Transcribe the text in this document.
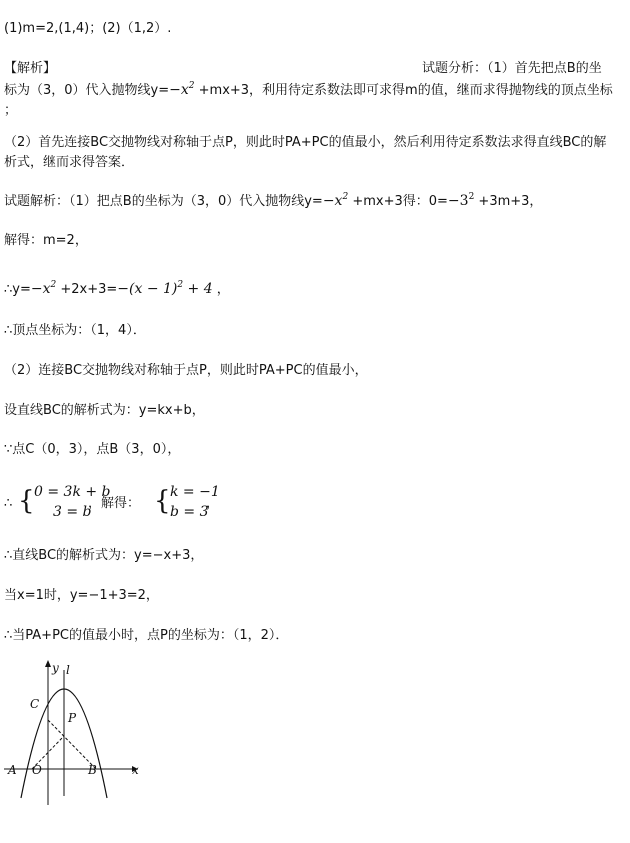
(1)m=2,(1,4)；(2)（1,2）.
【解析】	试题分析：（1）首先把点B的坐
标为（3，0）代入抛物线$y=-x^2 +mx+3$，利用待定系数法即可求得m的值，继而求得抛物线的顶点坐标
；
（2）首先连接BC交抛物线对称轴于点P，则此时PA+PC的值最小，然后利用待定系数法求得直线BC的解
析式，继而求得答案．
试题解析：（1）把点B的坐标为（3，0）代入抛物线$y=-x^2 +mx+3$得：$0=-3^2 +3m+3$，
解得：m=2，
$\therefore y=-x^2 +2x+3=-(x - 1)^2 + 4$ ，
∴顶点坐标为：（1，4）．
（2）连接BC交抛物线对称轴于点P，则此时PA+PC的值最小，
设直线BC的解析式为：y=kx+b，
∵点C（0，3），点B（3，0），
∴ { 0 = 3k + b
3 = b
，解得： { k = −1
b = 3
，
∴直线BC的解析式为：y=−x+3，
当x=1时，y=−1+3=2，
∴当PA+PC的值最小时，点P的坐标为：（1，2）．
y l
C
P
A O	B	x
